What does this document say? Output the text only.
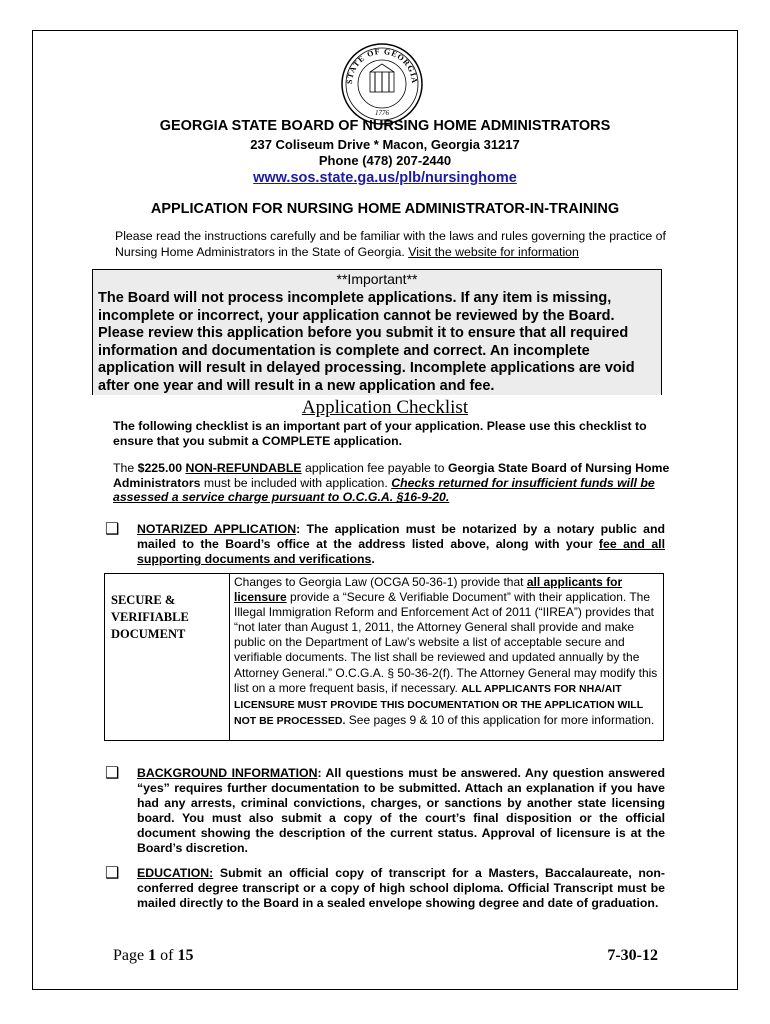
STATE OF GEORGIA
1776
GEORGIA STATE BOARD OF NURSING HOME ADMINISTRATORS
237 Coliseum Drive * Macon, Georgia 31217
Phone (478) 207-2440
www.sos.state.ga.us/plb/nursinghome
APPLICATION FOR NURSING HOME ADMINISTRATOR-IN-TRAINING
Please read the instructions carefully and be familiar with the laws and rules governing the practice of Nursing Home Administrators in the State of Georgia. Visit the website for information
**Important**
The Board will not process incomplete applications. If any item is missing, incomplete or incorrect, your application cannot be reviewed by the Board. Please review this application before you submit it to ensure that all required information and documentation is complete and correct. An incomplete application will result in delayed processing. Incomplete applications are void after one year and will result in a new application and fee.
Application Checklist
The following checklist is an important part of your application. Please use this checklist to ensure that you submit a COMPLETE application.
The $225.00 NON-REFUNDABLE application fee payable to Georgia State Board of Nursing Home Administrators must be included with application. Checks returned for insufficient funds will be assessed a service charge pursuant to O.C.G.A. §16-9-20.
❑ NOTARIZED APPLICATION: The application must be notarized by a notary public and mailed to the Board’s office at the address listed above, along with your fee and all supporting documents and verifications.
SECURE &
VERIFIABLE
DOCUMENT
Changes to Georgia Law (OCGA 50-36-1) provide that all applicants for licensure provide a “Secure & Verifiable Document” with their application. The Illegal Immigration Reform and Enforcement Act of 2011 (“IIREA”) provides that “not later than August 1, 2011, the Attorney General shall provide and make public on the Department of Law’s website a list of acceptable secure and verifiable documents. The list shall be reviewed and updated annually by the Attorney General.” O.C.G.A. § 50-36-2(f). The Attorney General may modify this list on a more frequent basis, if necessary. ALL APPLICANTS FOR NHA/AIT LICENSURE MUST PROVIDE THIS DOCUMENTATION OR THE APPLICATION WILL NOT BE PROCESSED. See pages 9 & 10 of this application for more information.
❑ BACKGROUND INFORMATION: All questions must be answered. Any question answered “yes” requires further documentation to be submitted. Attach an explanation if you have had any arrests, criminal convictions, charges, or sanctions by another state licensing board. You must also submit a copy of the court’s final disposition or the official document showing the description of the current status. Approval of licensure is at the Board’s discretion.
❑ EDUCATION: Submit an official copy of transcript for a Masters, Baccalaureate, non-conferred degree transcript or a copy of high school diploma. Official Transcript must be mailed directly to the Board in a sealed envelope showing degree and date of graduation.
Page 1 of 15	7-30-12
